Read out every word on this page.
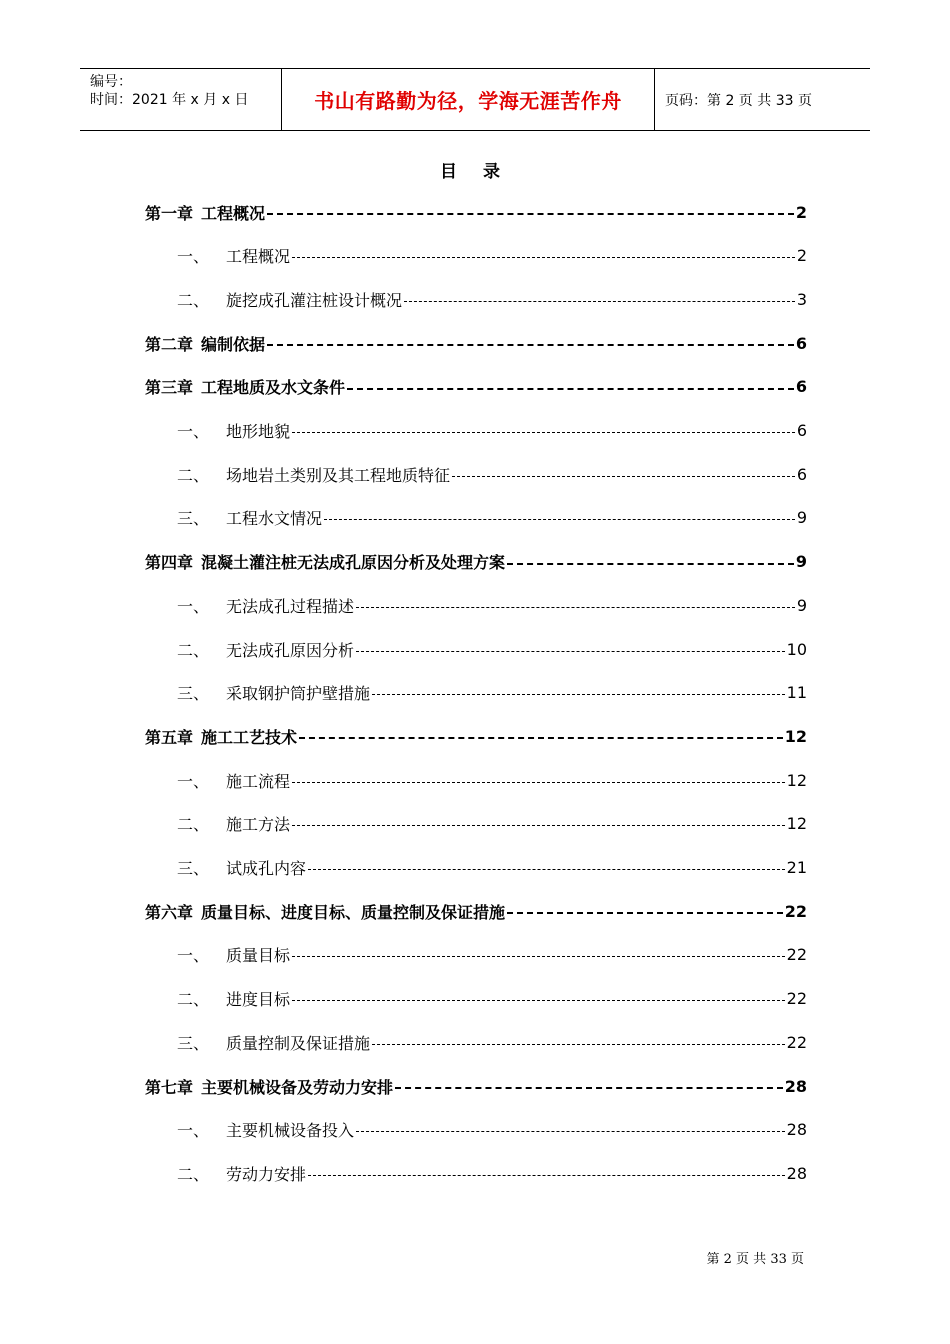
编号：
时间：2021 年 x 月 x 日	书山有路勤为径，学海无涯苦作舟	页码：第 2 页 共 33 页
目 录
第一章 工程概况	2
一、	工程概况	2
二、	旋挖成孔灌注桩设计概况	3
第二章 编制依据	6
第三章 工程地质及水文条件	6
一、	地形地貌	6
二、	场地岩土类别及其工程地质特征	6
三、	工程水文情况	9
第四章 混凝土灌注桩无法成孔原因分析及处理方案	9
一、	无法成孔过程描述	9
二、	无法成孔原因分析	10
三、	采取钢护筒护壁措施	11
第五章 施工工艺技术	12
一、	施工流程	12
二、	施工方法	12
三、	试成孔内容	21
第六章 质量目标、进度目标、质量控制及保证措施	22
一、	质量目标	22
二、	进度目标	22
三、	质量控制及保证措施	22
第七章 主要机械设备及劳动力安排	28
一、	主要机械设备投入	28
二、	劳动力安排	28
第 2 页 共 33 页
